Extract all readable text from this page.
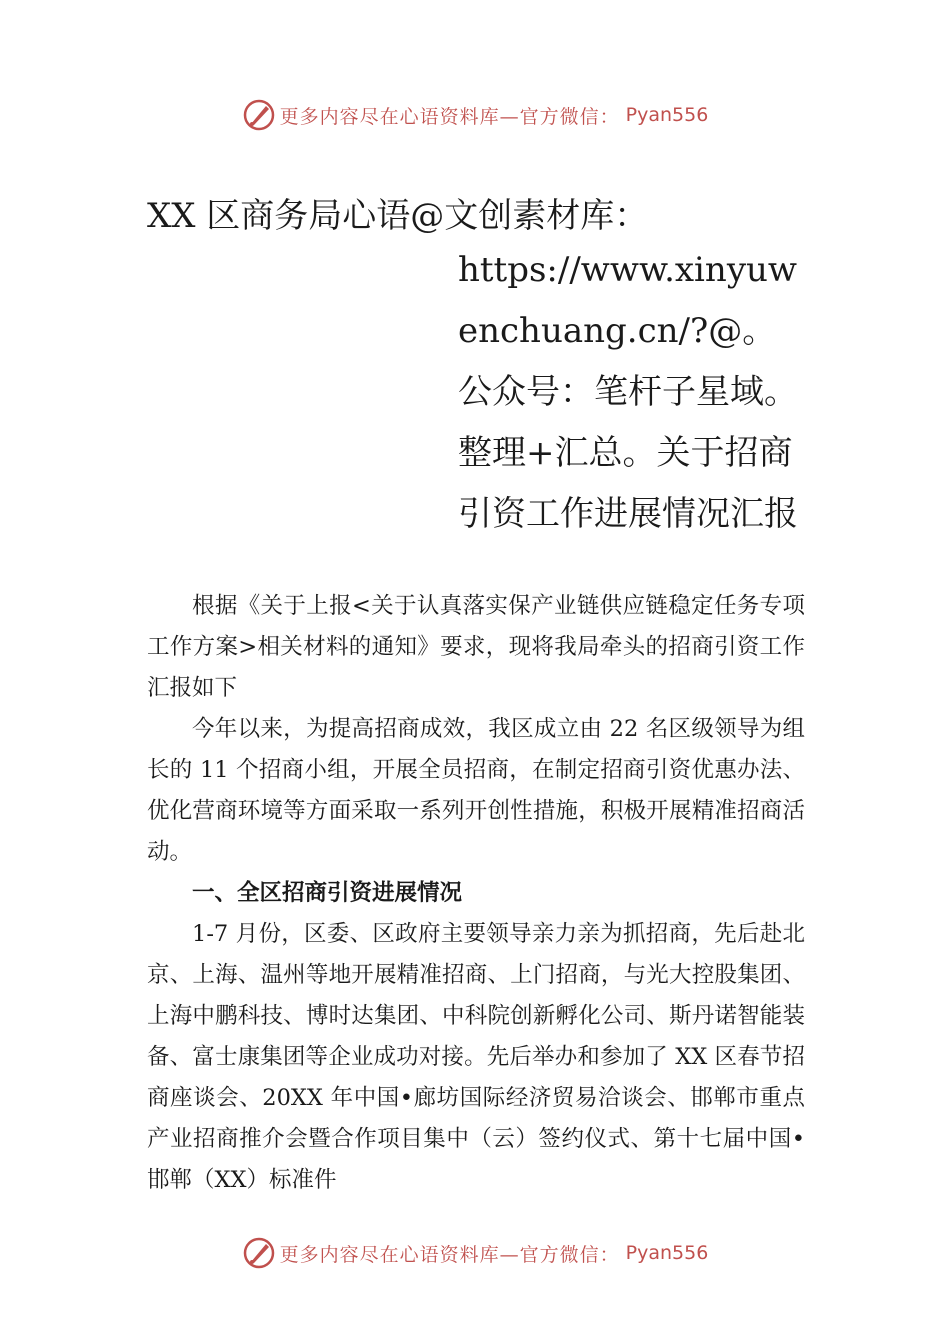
更多内容尽在心语资料库—官方微信： Pyan556
XX 区商务局心语@文创素材库：
https://www.xinyuwenchuang.cn/?@。公众号：笔杆子星域。整理+汇总。关于招商引资工作进展情况汇报

根据《关于上报<关于认真落实保产业链供应链稳定任务专项工作方案>相关材料的通知》要求，现将我局牵头的招商引资工作汇报如下

今年以来，为提高招商成效，我区成立由 22 名区级领导为组长的 11 个招商小组，开展全员招商，在制定招商引资优惠办法、优化营商环境等方面采取一系列开创性措施，积极开展精准招商活动。

一、全区招商引资进展情况

1-7 月份，区委、区政府主要领导亲力亲为抓招商，先后赴北京、上海、温州等地开展精准招商、上门招商，与光大控股集团、上海中鹏科技、博时达集团、中科院创新孵化公司、斯丹诺智能装备、富士康集团等企业成功对接。先后举办和参加了 XX 区春节招商座谈会、20XX 年中国•廊坊国际经济贸易洽谈会、邯郸市重点产业招商推介会暨合作项目集中（云）签约仪式、第十七届中国•邯郸（XX）标准件

更多内容尽在心语资料库—官方微信： Pyan556
